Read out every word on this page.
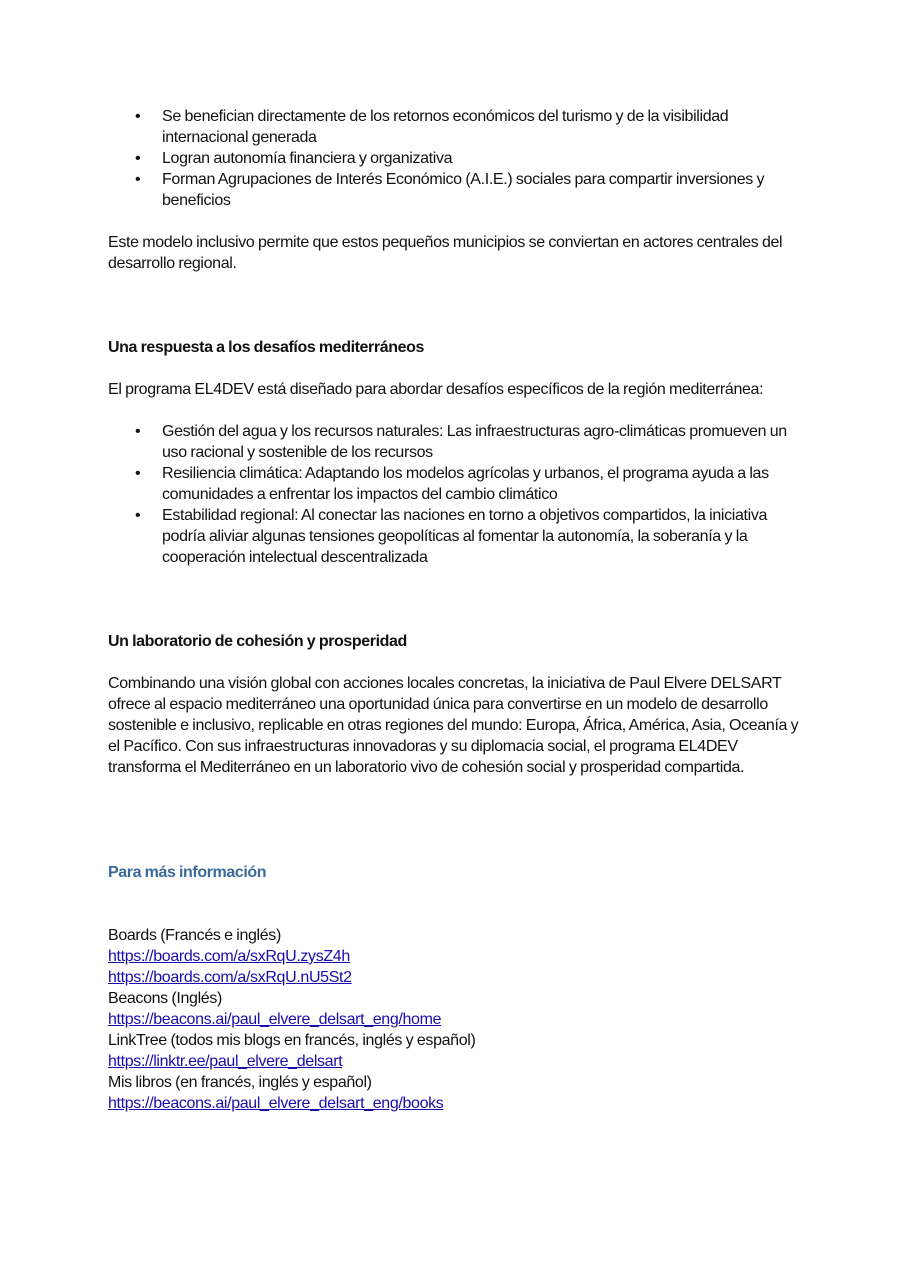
• Se benefician directamente de los retornos económicos del turismo y de la visibilidad internacional generada
• Logran autonomía financiera y organizativa
• Forman Agrupaciones de Interés Económico (A.I.E.) sociales para compartir inversiones y beneficios

Este modelo inclusivo permite que estos pequeños municipios se conviertan en actores centrales del desarrollo regional.

Una respuesta a los desafíos mediterráneos

El programa EL4DEV está diseñado para abordar desafíos específicos de la región mediterránea:

• Gestión del agua y los recursos naturales: Las infraestructuras agro-climáticas promueven un uso racional y sostenible de los recursos
• Resiliencia climática: Adaptando los modelos agrícolas y urbanos, el programa ayuda a las comunidades a enfrentar los impactos del cambio climático
• Estabilidad regional: Al conectar las naciones en torno a objetivos compartidos, la iniciativa podría aliviar algunas tensiones geopolíticas al fomentar la autonomía, la soberanía y la cooperación intelectual descentralizada
Un laboratorio de cohesión y prosperidad

Combinando una visión global con acciones locales concretas, la iniciativa de Paul Elvere DELSART ofrece al espacio mediterráneo una oportunidad única para convertirse en un modelo de desarrollo sostenible e inclusivo, replicable en otras regiones del mundo: Europa, África, América, Asia, Oceanía y el Pacífico. Con sus infraestructuras innovadoras y su diplomacia social, el programa EL4DEV transforma el Mediterráneo en un laboratorio vivo de cohesión social y prosperidad compartida.

Para más información
Boards (Francés e inglés)
https://boards.com/a/sxRqU.zysZ4h
https://boards.com/a/sxRqU.nU5St2
Beacons (Inglés)
https://beacons.ai/paul_elvere_delsart_eng/home
LinkTree (todos mis blogs en francés, inglés y español)
https://linktr.ee/paul_elvere_delsart
Mis libros (en francés, inglés y español)
https://beacons.ai/paul_elvere_delsart_eng/books
